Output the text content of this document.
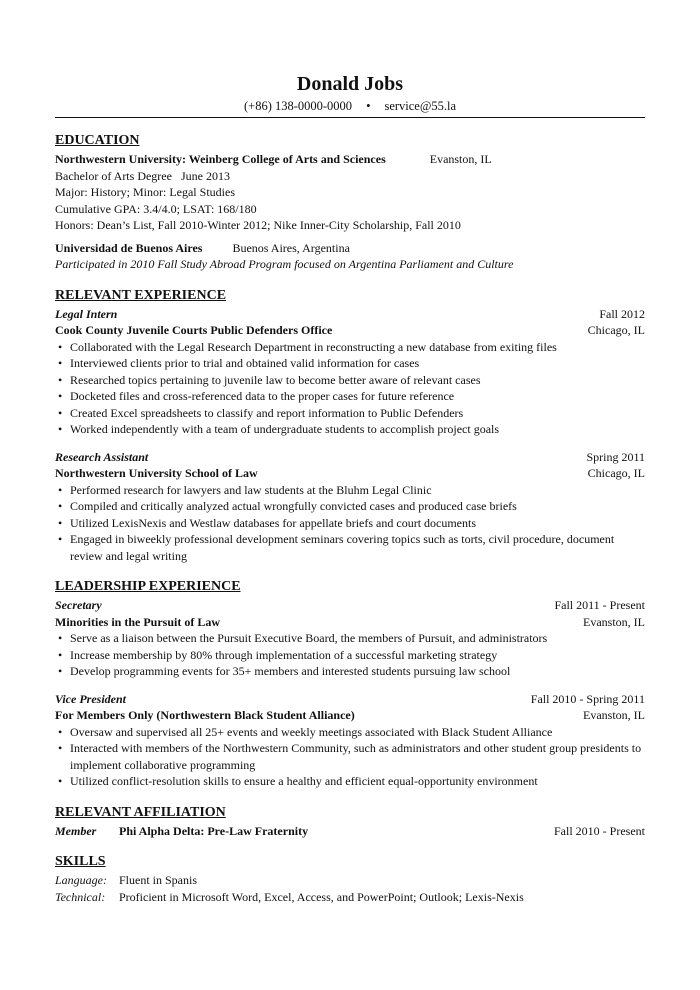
Donald Jobs
(+86) 138-0000-0000 • service@55.la
EDUCATION
Northwestern University: Weinberg College of Arts and Sciences	Evanston, IL
Bachelor of Arts Degree June 2013
Major: History; Minor: Legal Studies
Cumulative GPA: 3.4/4.0; LSAT: 168/180
Honors: Dean’s List, Fall 2010-Winter 2012; Nike Inner-City Scholarship, Fall 2010
Universidad de Buenos Aires	Buenos Aires, Argentina
Participated in 2010 Fall Study Abroad Program focused on Argentina Parliament and Culture
RELEVANT EXPERIENCE
Legal Intern	Fall 2012
Cook County Juvenile Courts Public Defenders Office	Chicago, IL
• Collaborated with the Legal Research Department in reconstructing a new database from exiting files
• Interviewed clients prior to trial and obtained valid information for cases
• Researched topics pertaining to juvenile law to become better aware of relevant cases
• Docketed files and cross-referenced data to the proper cases for future reference
• Created Excel spreadsheets to classify and report information to Public Defenders
• Worked independently with a team of undergraduate students to accomplish project goals
Research Assistant	Spring 2011
Northwestern University School of Law	Chicago, IL
• Performed research for lawyers and law students at the Bluhm Legal Clinic
• Compiled and critically analyzed actual wrongfully convicted cases and produced case briefs
• Utilized LexisNexis and Westlaw databases for appellate briefs and court documents
• Engaged in biweekly professional development seminars covering topics such as torts, civil procedure, document review and legal writing
LEADERSHIP EXPERIENCE
Secretary	Fall 2011 - Present
Minorities in the Pursuit of Law	Evanston, IL
• Serve as a liaison between the Pursuit Executive Board, the members of Pursuit, and administrators
• Increase membership by 80% through implementation of a successful marketing strategy
• Develop programming events for 35+ members and interested students pursuing law school
Vice President	Fall 2010 - Spring 2011
For Members Only (Northwestern Black Student Alliance)	Evanston, IL
• Oversaw and supervised all 25+ events and weekly meetings associated with Black Student Alliance
• Interacted with members of the Northwestern Community, such as administrators and other student group presidents to implement collaborative programming
• Utilized conflict-resolution skills to ensure a healthy and efficient equal-opportunity environment
RELEVANT AFFILIATION
Member Phi Alpha Delta: Pre-Law Fraternity	Fall 2010 - Present
SKILLS
Language: Fluent in Spanis
Technical: Proficient in Microsoft Word, Excel, Access, and PowerPoint; Outlook; Lexis-Nexis
